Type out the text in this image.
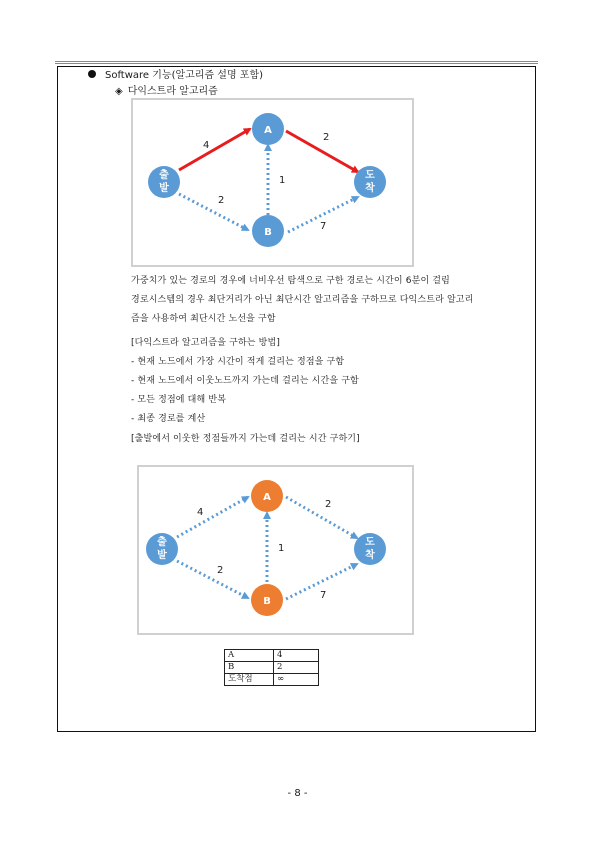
Software 기능(알고리즘 설명 포함)
◈ 다익스트라 알고리즘
출
발
A
B
도
착
4
2
2
1
7
가중치가 있는 경로의 경우에 너비우선 탐색으로 구한 경로는 시간이 6분이 걸림
경로시스템의 경우 최단거리가 아닌 최단시간 알고리즘을 구하므로 다익스트라 알고리
즘을 사용하여 최단시간 노선을 구함
[다익스트라 알고리즘을 구하는 방법]
- 현재 노드에서 가장 시간이 적게 걸리는 정점을 구함
- 현재 노드에서 이웃노드까지 가는데 걸리는 시간을 구함
- 모든 정점에 대해 반복
- 최종 경로를 계산
[출발에서 이웃한 정점들까지 가는데 걸리는 시간 구하기]
출
발
A
B
도
착
4
2
2
1
7
A	4
B	2
도착점	∞
- 8 -
